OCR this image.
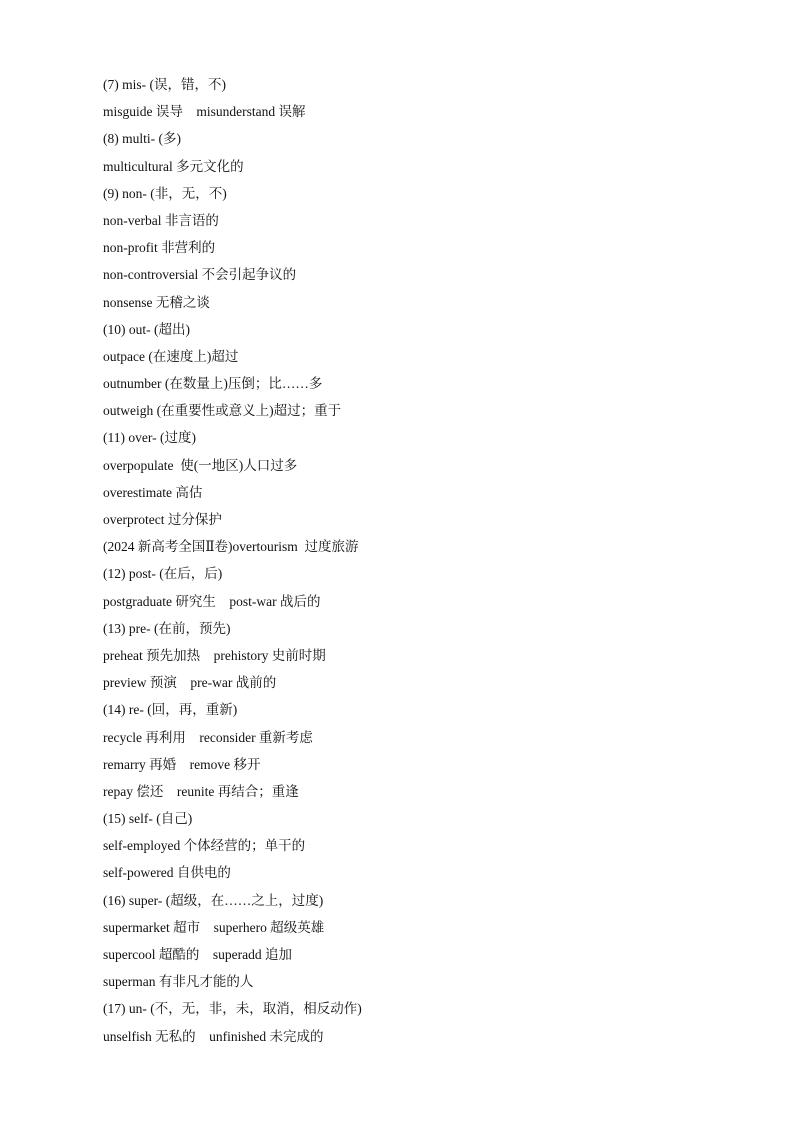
(7) mis- (误，错，不)
misguide 误导    misunderstand 误解
(8) multi- (多)
multicultural 多元文化的
(9) non- (非，无，不)
non-verbal 非言语的
non-profit 非营利的
non-controversial 不会引起争议的
nonsense 无稽之谈
(10) out- (超出)
outpace (在速度上)超过
outnumber (在数量上)压倒；比……多
outweigh (在重要性或意义上)超过；重于
(11) over- (过度)
overpopulate  使(一地区)人口过多
overestimate 高估
overprotect 过分保护
(2024 新高考全国Ⅱ卷)overtourism  过度旅游
(12) post- (在后，后)
postgraduate 研究生    post-war 战后的
(13) pre- (在前，预先)
preheat 预先加热    prehistory 史前时期
preview 预演    pre-war 战前的
(14) re- (回，再，重新)
recycle 再利用    reconsider 重新考虑
remarry 再婚    remove 移开
repay 偿还    reunite 再结合；重逢
(15) self- (自己)
self-employed 个体经营的；单干的
self-powered 自供电的
(16) super- (超级，在……之上，过度)
supermarket 超市    superhero 超级英雄
supercool 超酷的    superadd 追加
superman 有非凡才能的人
(17) un- (不，无，非，未，取消，相反动作)
unselfish 无私的    unfinished 未完成的
